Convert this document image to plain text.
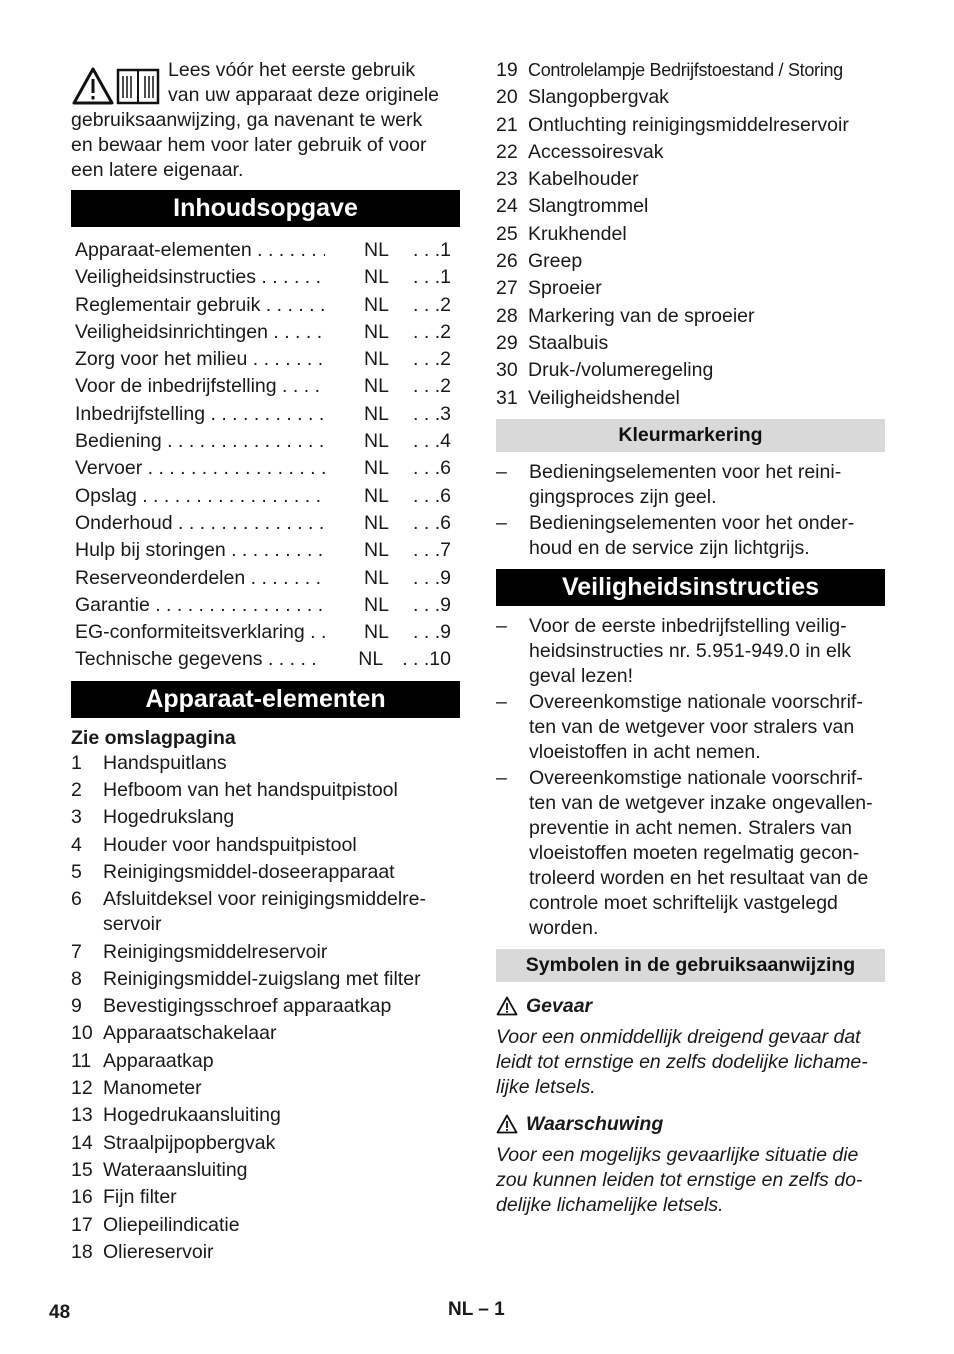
Lees vóór het eerste gebruik
van uw apparaat deze originele
gebruiksaanwijzing, ga navenant te werk
en bewaar hem voor later gebruik of voor
een latere eigenaar.

Inhoudsopgave
Apparaat-elementen . . .	NL	. . . 1
Veiligheidsinstructies . . .	NL	. . . 1
Reglementair gebruik . . .	NL	. . . 2
Veiligheidsinrichtingen . . .	NL	. . . 2
Zorg voor het milieu . . .	NL	. . . 2
Voor de inbedrijfstelling . . .	NL	. . . 2
Inbedrijfstelling . . .	NL	. . . 3
Bediening . . .	NL	. . . 4
Vervoer . . .	NL	. . . 6
Opslag . . .	NL	. . . 6
Onderhoud . . .	NL	. . . 6
Hulp bij storingen . . .	NL	. . . 7
Reserveonderdelen . . .	NL	. . . 9
Garantie . . .	NL	. . . 9
EG-conformiteitsverklaring . . .	NL	. . . 9
Technische gegevens . . .	NL	. . . 10
Apparaat-elementen
Zie omslagpagina
1	Handspuitlans
2	Hefboom van het handspuitpistool
3	Hogedrukslang
4	Houder voor handspuitpistool
5	Reinigingsmiddel-doseerapparaat
6	Afsluitdeksel voor reinigingsmiddelre- servoir
7	Reinigingsmiddelreservoir
8	Reinigingsmiddel-zuigslang met filter
9	Bevestigingsschroef apparaatkap
10 Apparaatschakelaar
11 Apparaatkap
12 Manometer
13 Hogedrukaansluiting
14 Straalpijpopbergvak
15 Wateraansluiting
16 Fijn filter
17 Oliepeilindicatie
18 Oliereservoir
19 Controlelampje Bedrijfstoestand / Storing
20 Slangopbergvak
21 Ontluchting reinigingsmiddelreservoir
22 Accessoiresvak
23 Kabelhouder
24 Slangtrommel
25 Krukhendel
26 Greep
27 Sproeier
28 Markering van de sproeier
29 Staalbuis
30 Druk-/volumeregeling
31 Veiligheidshendel
Kleurmarkering
–	Bedieningselementen voor het reini- gingsproces zijn geel.
–	Bedieningselementen voor het onder- houd en de service zijn lichtgrijs.
Veiligheidsinstructies
–	Voor de eerste inbedrijfstelling veilig- heidsinstructies nr. 5.951-949.0 in elk geval lezen!
–	Overeenkomstige nationale voorschrif- ten van de wetgever voor stralers van vloeistoffen in acht nemen.
–	Overeenkomstige nationale voorschrif- ten van de wetgever inzake ongevallen- preventie in acht nemen. Stralers van vloeistoffen moeten regelmatig gecon- troleerd worden en het resultaat van de controle moet schriftelijk vastgelegd worden.
Symbolen in de gebruiksaanwijzing
Gevaar

Voor een onmiddellijk dreigend gevaar dat leidt tot ernstige en zelfs dodelijke lichame- lijke letsels.

Waarschuwing

Voor een mogelijks gevaarlijke situatie die zou kunnen leiden tot ernstige en zelfs do- delijke lichamelijke letsels.

48	NL – 1
